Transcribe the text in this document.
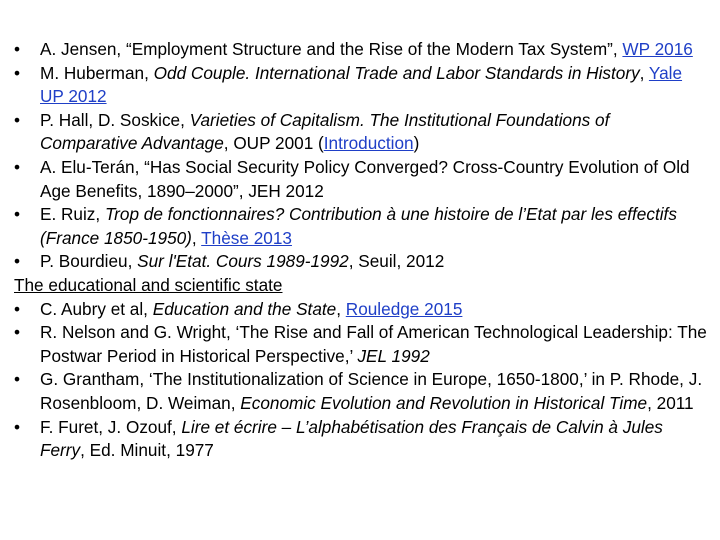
• A. Jensen, “Employment Structure and the Rise of the Modern Tax System”, WP 2016
• M. Huberman, Odd Couple. International Trade and Labor Standards in History, Yale UP 2012
• P. Hall, D. Soskice, Varieties of Capitalism. The Institutional Foundations of Comparative Advantage, OUP 2001 (Introduction)
• A. Elu-Terán, “Has Social Security Policy Converged? Cross-Country Evolution of Old Age Benefits, 1890–2000”, JEH 2012
• E. Ruiz, Trop de fonctionnaires? Contribution à une histoire de l’Etat par les effectifs (France 1850-1950), Thèse 2013
• P. Bourdieu, Sur l'Etat. Cours 1989-1992, Seuil, 2012
The educational and scientific state
• C. Aubry et al, Education and the State, Rouledge 2015
• R. Nelson and G. Wright, ‘The Rise and Fall of American Technological Leadership: The Postwar Period in Historical Perspective,’ JEL 1992
• G. Grantham, ‘The Institutionalization of Science in Europe, 1650-1800,’ in P. Rhode, J. Rosenbloom, D. Weiman, Economic Evolution and Revolution in Historical Time, 2011
• F. Furet, J. Ozouf, Lire et écrire – L’alphabétisation des Français de Calvin à Jules Ferry, Ed. Minuit, 1977
